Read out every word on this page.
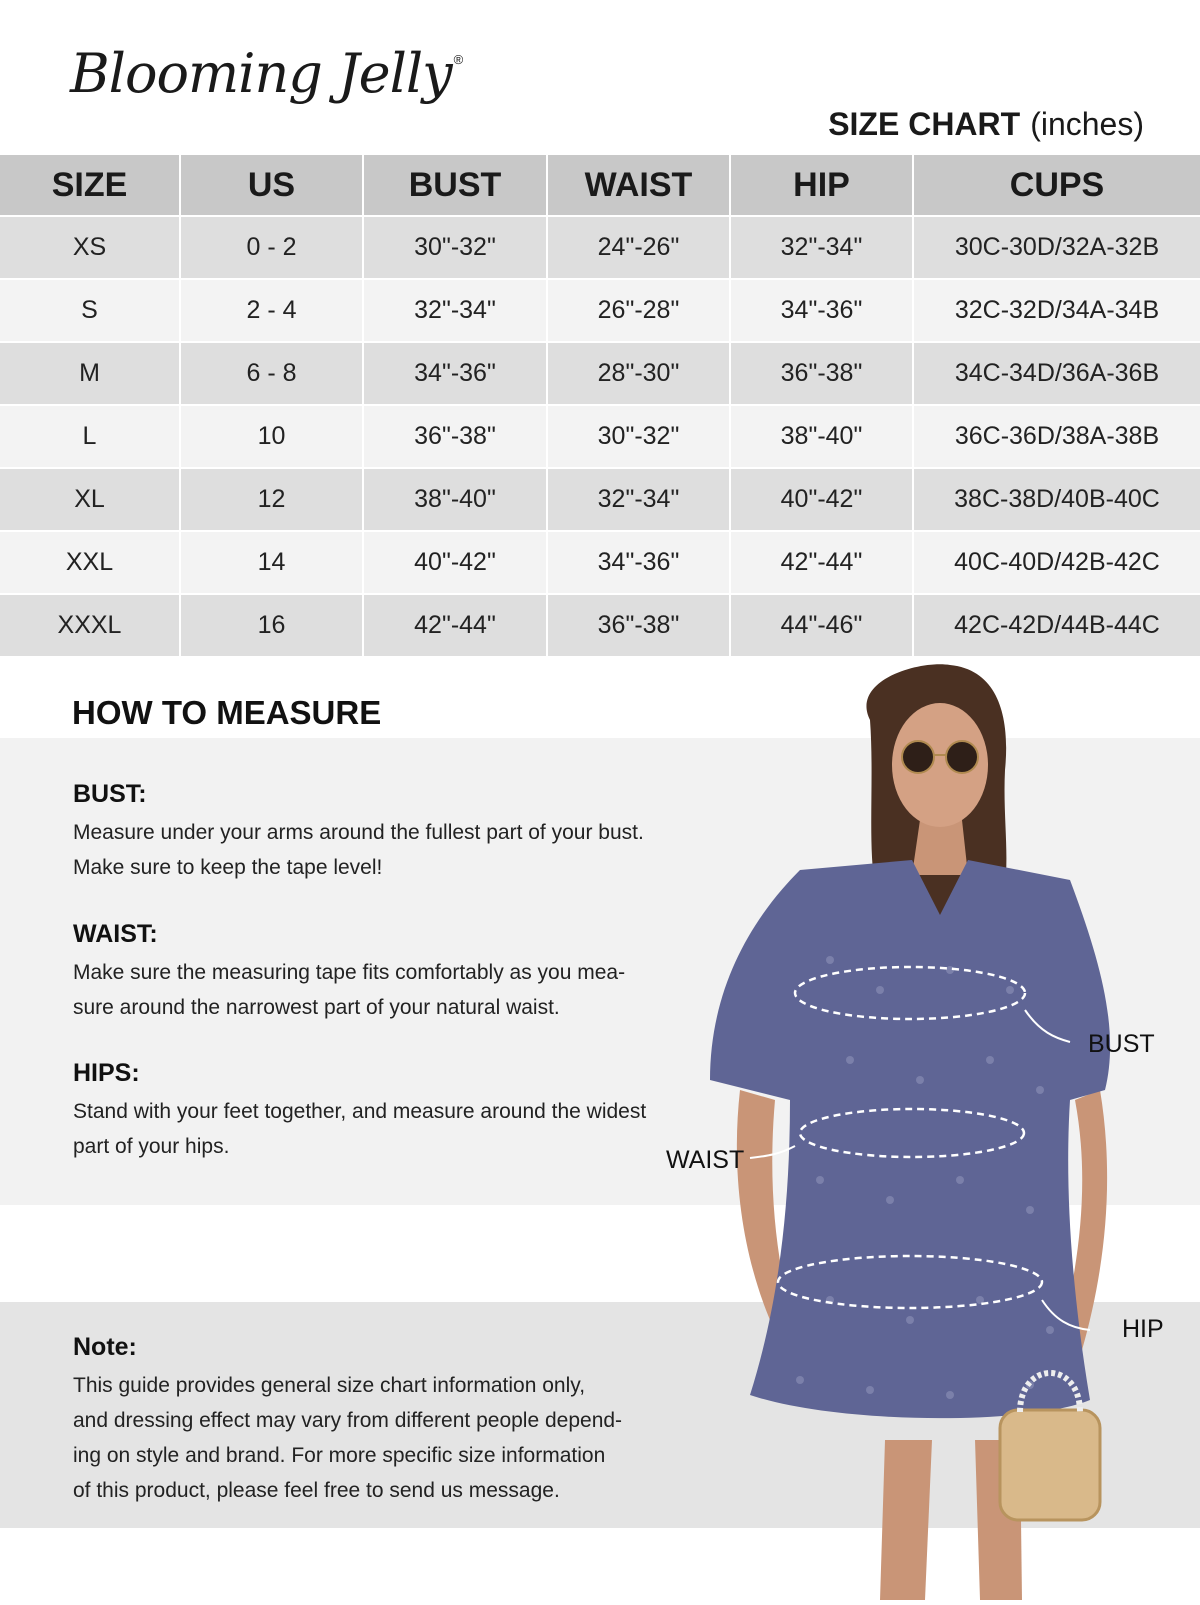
Blooming Jelly ®
SIZE CHART (inches)
SIZE	US	BUST	WAIST	HIP	CUPS
XS	0 - 2	30"-32"	24"-26"	32"-34"	30C-30D/32A-32B
S	2 - 4	32"-34"	26"-28"	34"-36"	32C-32D/34A-34B
M	6 - 8	34"-36"	28"-30"	36"-38"	34C-34D/36A-36B
L	10	36"-38"	30"-32"	38"-40"	36C-36D/38A-38B
XL	12	38"-40"	32"-34"	40"-42"	38C-38D/40B-40C
XXL	14	40"-42"	34"-36"	42"-44"	40C-40D/42B-42C
XXXL	16	42"-44"	36"-38"	44"-46"	42C-42D/44B-44C
HOW TO MEASURE
BUST:
Measure under your arms around the fullest part of your bust.
Make sure to keep the tape level!
WAIST:
Make sure the measuring tape fits comfortably as you mea-
sure around the narrowest part of your natural waist.
HIPS:
Stand with your feet together, and measure around the widest
part of your hips.
Note:
This guide provides general size chart information only,
and dressing effect may vary from different people depend-
ing on style and brand. For more specific size information
of this product, please feel free to send us message.
BUST
WAIST
HIP
